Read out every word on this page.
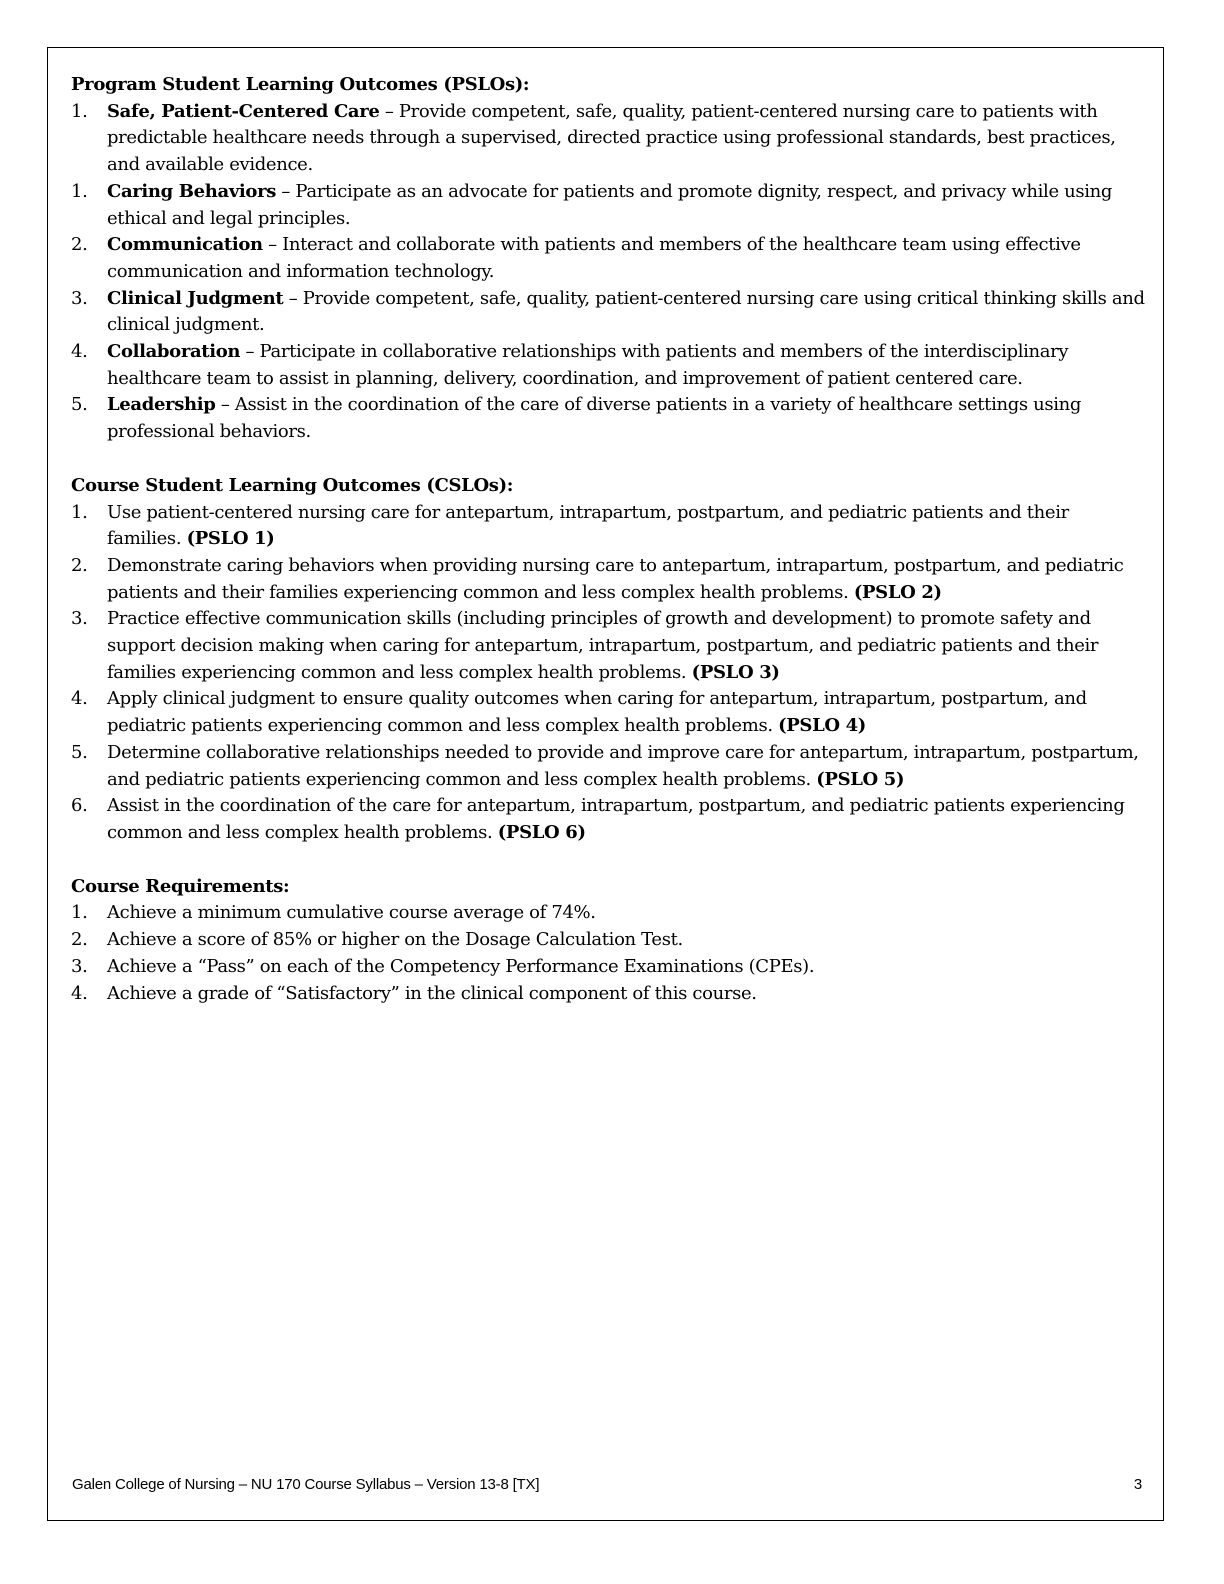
Program Student Learning Outcomes (PSLOs):
1. Safe, Patient-Centered Care – Provide competent, safe, quality, patient-centered nursing care to patients with predictable healthcare needs through a supervised, directed practice using professional standards, best practices, and available evidence.
1. Caring Behaviors – Participate as an advocate for patients and promote dignity, respect, and privacy while using ethical and legal principles.
2. Communication – Interact and collaborate with patients and members of the healthcare team using effective communication and information technology.
3. Clinical Judgment – Provide competent, safe, quality, patient-centered nursing care using critical thinking skills and clinical judgment.
4. Collaboration – Participate in collaborative relationships with patients and members of the interdisciplinary healthcare team to assist in planning, delivery, coordination, and improvement of patient centered care.
5. Leadership – Assist in the coordination of the care of diverse patients in a variety of healthcare settings using professional behaviors.
Course Student Learning Outcomes (CSLOs):
1. Use patient-centered nursing care for antepartum, intrapartum, postpartum, and pediatric patients and their families. (PSLO 1)
2. Demonstrate caring behaviors when providing nursing care to antepartum, intrapartum, postpartum, and pediatric patients and their families experiencing common and less complex health problems. (PSLO 2)
3. Practice effective communication skills (including principles of growth and development) to promote safety and support decision making when caring for antepartum, intrapartum, postpartum, and pediatric patients and their families experiencing common and less complex health problems. (PSLO 3)
4. Apply clinical judgment to ensure quality outcomes when caring for antepartum, intrapartum, postpartum, and pediatric patients experiencing common and less complex health problems. (PSLO 4)
5. Determine collaborative relationships needed to provide and improve care for antepartum, intrapartum, postpartum, and pediatric patients experiencing common and less complex health problems. (PSLO 5)
6. Assist in the coordination of the care for antepartum, intrapartum, postpartum, and pediatric patients experiencing common and less complex health problems. (PSLO 6)
Course Requirements:
1. Achieve a minimum cumulative course average of 74%.
2. Achieve a score of 85% or higher on the Dosage Calculation Test.
3. Achieve a “Pass” on each of the Competency Performance Examinations (CPEs).
4. Achieve a grade of “Satisfactory” in the clinical component of this course.
Galen College of Nursing – NU 170 Course Syllabus – Version 13-8 [TX]	3
